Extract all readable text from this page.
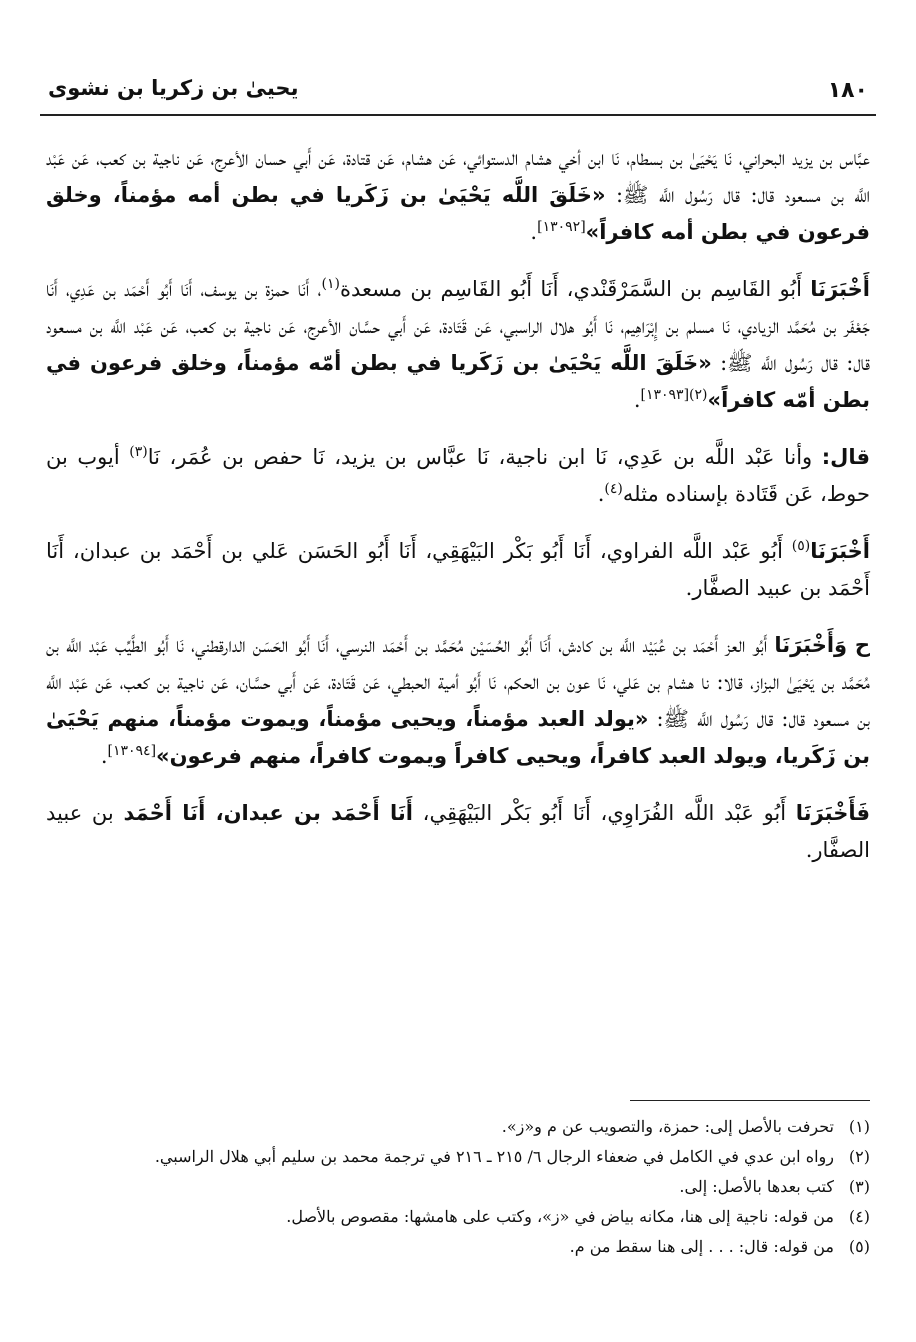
١٨٠
يحيىٰ بن زكريا بن نشوى

عبَّاس بن يزيد البحراني، نَا يَحْيَىٰ بن بسطام، نَا ابن أخي هشام الدستوائي، عَن هشام، عَن قتادة، عَن أَبي حسان الأعرج، عَن ناجية بن كعب، عَن عَبْد اللَّه بن مسعود قال: قال رَسُول اللَّه ﷺ: «خَلَقَ اللَّه يَحْيَىٰ بن زَكَريا في بطن أمه مؤمناً، وخلق فرعون في بطن أمه كافراً»[١٣٠٩٢].

أَخْبَرَنَا أَبُو القَاسِم بن السَّمَرْقَنْدي، أَنَا أَبُو القَاسِم بن مسعدة$^{(١)}$، أَنَا حمزة بن يوسف، أَنَا أَبُو أَحْمَد بن عَدِي، أَنَا جَعْفَر بن مُحَمَّد الزيادي، نَا مسلم بن إِبْرَاهِيم، نَا أَبُو هلال الراسبي، عَن قَتَادة، عَن أَبي حسَّان الأعرج، عَن ناجية بن كعب، عَن عَبْد اللَّه بن مسعود قال: قال رَسُول اللَّه ﷺ: «خَلَقَ اللَّه يَحْيَىٰ بن زَكَريا في بطن أمّه مؤمناً، وخلق فرعون في بطن أمّه كافراً»$^{(٢)[١٣٠٩٣]}$.

قال: وأنا عَبْد اللَّه بن عَدِي، نَا ابن ناجية، نَا عبَّاس بن يزيد، نَا حفص بن عُمَر، نَا$^{(٣)}$ أيوب بن حوط، عَن قَتَادة بإسناده مثله$^{(٤)}$.

أَخْبَرَنَا$^{(٥)}$ أَبُو عَبْد اللَّه الفراوي، أَنَا أَبُو بَكْر البَيْهَقِي، أَنَا أَبُو الحَسَن عَلي بن أَحْمَد بن عبدان، أَنَا أَحْمَد بن عبيد الصفَّار.

ح وَأَخْبَرَنَا أَبُو العز أَحْمَد بن عُبَيْد اللَّه بن كادش، أَنَا أَبُو الحُسَيْن مُحَمَّد بن أَحْمَد النرسي، أَنَا أَبُو الحَسَن الدارقطني، نَا أَبُو الطَّيِّب عَبْد اللَّه بن مُحَمَّد بن يَحْيَىٰ البزاز، قالا: نا هشام بن عَلي، نَا عون بن الحكم، نَا أَبُو أمية الحبطي، عَن قَتَادة، عَن أَبي حسَّان، عَن ناجية بن كعب، عَن عَبْد اللَّه بن مسعود قال: قال رَسُول اللَّه ﷺ: «يولد العبد مؤمناً، ويحيى مؤمناً، ويموت مؤمناً، منهم يَحْيَىٰ بن زَكَريا، ويولد العبد كافراً، ويحيى كافراً ويموت كافراً، منهم فرعون»[١٣٠٩٤].

فَأَخْبَرَنَا أَبُو عَبْد اللَّه الفُرَاوِي، أَنَا أَبُو بَكْر البَيْهَقِي، أَنَا أَحْمَد بن عبدان، أَنَا أَحْمَد بن عبيد الصفَّار.

(١)تحرفت بالأصل إلى: حمزة، والتصويب عن م و«ز».

(٢)رواه ابن عدي في الكامل في ضعفاء الرجال ٦/ ٢١٥ ـ ٢١٦ في ترجمة محمد بن سليم أبي هلال الراسبي.

(٣)كتب بعدها بالأصل: إلى.

(٤)من قوله: ناجية إلى هنا، مكانه بياض في «ز»، وكتب على هامشها: مقصوص بالأصل.

(٥)من قوله: قال: . . . إلى هنا سقط من م.
